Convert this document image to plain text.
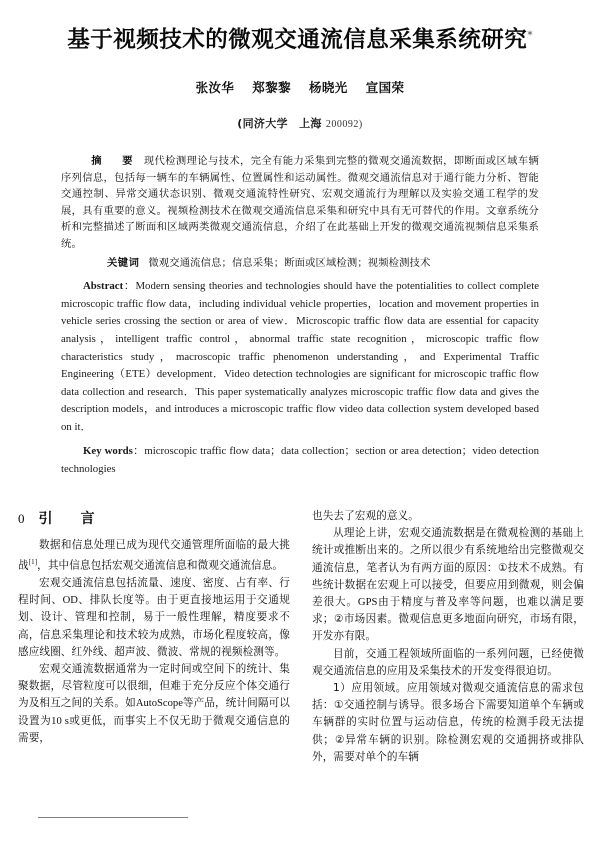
基于视频技术的微观交通流信息采集系统研究*
张汝华 郑黎黎 杨晓光 宣国荣
(同济大学　上海 200092)
摘　要 现代检测理论与技术，完全有能力采集到完整的微观交通流数据，即断面或区域车辆序列信息，包括每一辆车的车辆属性、位置属性和运动属性。微观交通流信息对于通行能力分析、智能交通控制、异常交通状态识别、微观交通流特性研究、宏观交通流行为理解以及实验交通工程学的发展，具有重要的意义。视频检测技术在微观交通流信息采集和研究中具有无可替代的作用。文章系统分析和完整描述了断面和区域两类微观交通流信息，介绍了在此基础上开发的微观交通流视频信息采集系统。
关键词 微观交通流信息；信息采集；断面或区域检测；视频检测技术
Abstract：Modern sensing theories and technologies should have the potentialities to collect complete microscopic traffic flow data，including individual vehicle properties，location and movement properties in vehicle series crossing the section or area of view．Microscopic traffic flow data are essential for capacity analysis，intelligent traffic control，abnormal traffic state recognition，microscopic traffic flow characteristics study，macroscopic traffic phenomenon understanding，and Experimental Traffic Engineering（ETE）development．Video detection technologies are significant for microscopic traffic flow data collection and research．This paper systematically analyzes microscopic traffic flow data and gives the description models，and introduces a microscopic traffic flow video data collection system developed based on it．
Key words：microscopic traffic flow data；data collection；section or area detection；video detection technologies
0 引　言

数据和信息处理已成为现代交通管理所面临的最大挑战[1]，其中信息包括宏观交通流信息和微观交通流信息。

宏观交通流信息包括流量、速度、密度、占有率、行程时间、OD、排队长度等。由于更直接地运用于交通规划、设计、管理和控制，易于一般性理解，精度要求不高，信息采集理论和技术较为成熟，市场化程度较高，像感应线圈、红外线、超声波、微波、常规的视频检测等。

宏观交通流数据通常为一定时间或空间下的统计、集聚数据，尽管粒度可以很细，但难于充分反应个体交通行为及相互之间的关系。如AutoScope等产品，统计间隔可以设置为10 s或更低，而事实上不仅无助于微观交通信息的需要，

也失去了宏观的意义。

从理论上讲，宏观交通流数据是在微观检测的基础上统计或推断出来的。之所以很少有系统地给出完整微观交通流信息，笔者认为有两方面的原因：①技术不成熟。有些统计数据在宏观上可以接受，但要应用到微观，则会偏差很大。GPS由于精度与普及率等问题，也难以满足要求；②市场因素。微观信息更多地面向研究，市场有限，开发亦有限。

目前，交通工程领域所面临的一系列问题，已经使微观交通流信息的应用及采集技术的开发变得很迫切。

1）应用领域。应用领域对微观交通流信息的需求包括：①交通控制与诱导。很多场合下需要知道单个车辆或车辆群的实时位置与运动信息，传统的检测手段无法提供；②异常车辆的识别。除检测宏观的交通拥挤或排队外，需要对单个的车辆
